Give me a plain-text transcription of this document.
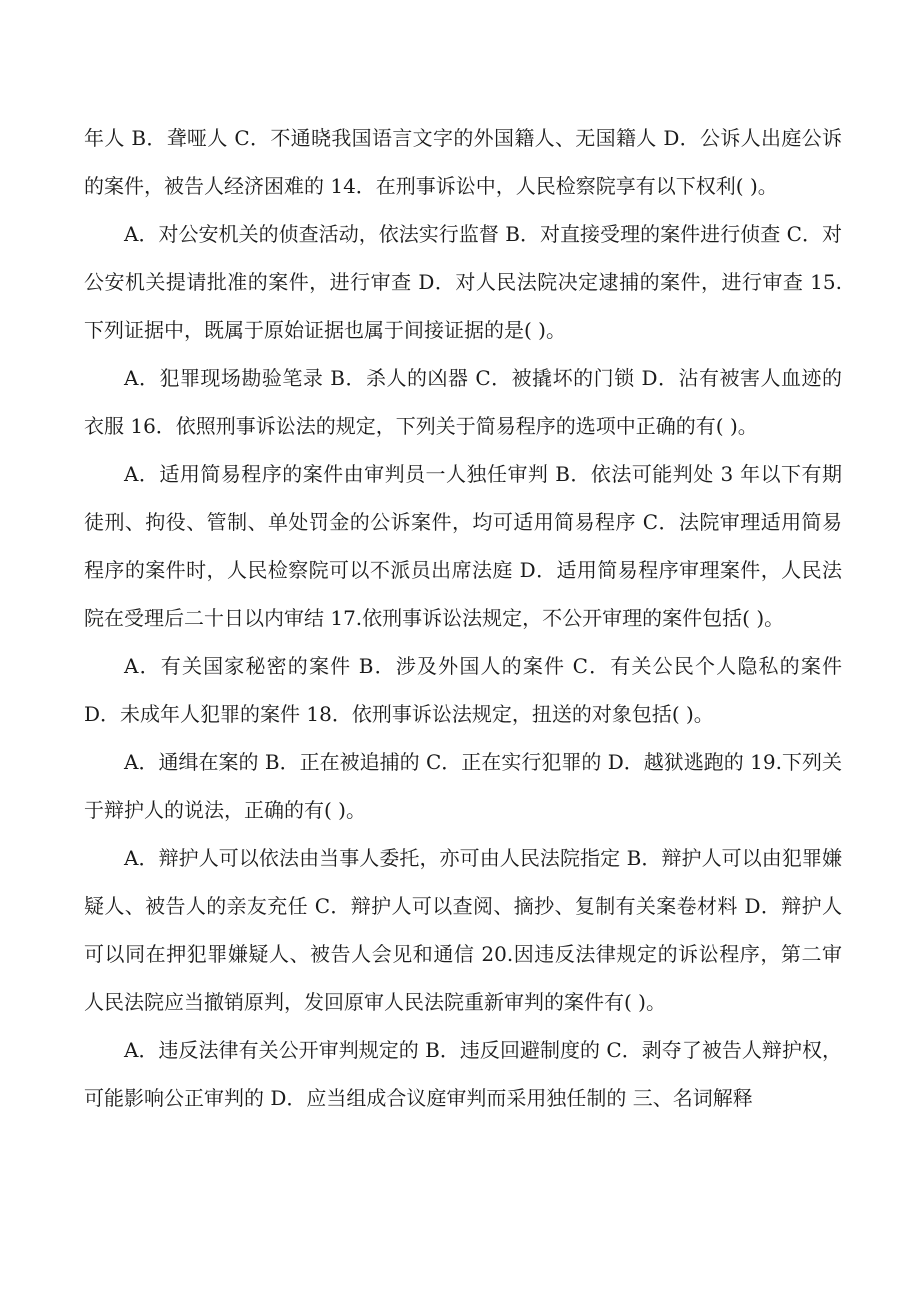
年人 B．聋哑人 C．不通晓我国语言文字的外国籍人、无国籍人 D．公诉人出庭公诉的案件，被告人经济困难的 14．在刑事诉讼中，人民检察院享有以下权利( )。

A．对公安机关的侦查活动，依法实行监督 B．对直接受理的案件进行侦查 C．对公安机关提请批准的案件，进行审查 D．对人民法院决定逮捕的案件，进行审查 15.下列证据中，既属于原始证据也属于间接证据的是( )。

A．犯罪现场勘验笔录 B．杀人的凶器 C．被撬坏的门锁 D．沾有被害人血迹的衣服 16．依照刑事诉讼法的规定，下列关于简易程序的选项中正确的有( )。

A．适用简易程序的案件由审判员一人独任审判 B．依法可能判处 3 年以下有期徒刑、拘役、管制、单处罚金的公诉案件，均可适用简易程序 C．法院审理适用简易程序的案件时，人民检察院可以不派员出席法庭 D．适用简易程序审理案件，人民法院在受理后二十日以内审结 17.依刑事诉讼法规定，不公开审理的案件包括( )。

A．有关国家秘密的案件 B．涉及外国人的案件 C．有关公民个人隐私的案件 D．未成年人犯罪的案件 18．依刑事诉讼法规定，扭送的对象包括( )。

A．通缉在案的 B．正在被追捕的 C．正在实行犯罪的 D．越狱逃跑的 19.下列关于辩护人的说法，正确的有( )。

A．辩护人可以依法由当事人委托，亦可由人民法院指定 B．辩护人可以由犯罪嫌疑人、被告人的亲友充任 C．辩护人可以查阅、摘抄、复制有关案卷材料 D．辩护人可以同在押犯罪嫌疑人、被告人会见和通信 20.因违反法律规定的诉讼程序，第二审人民法院应当撤销原判，发回原审人民法院重新审判的案件有( )。

A．违反法律有关公开审判规定的 B．违反回避制度的 C．剥夺了被告人辩护权，可能影响公正审判的 D．应当组成合议庭审判而采用独任制的 三、名词解释
